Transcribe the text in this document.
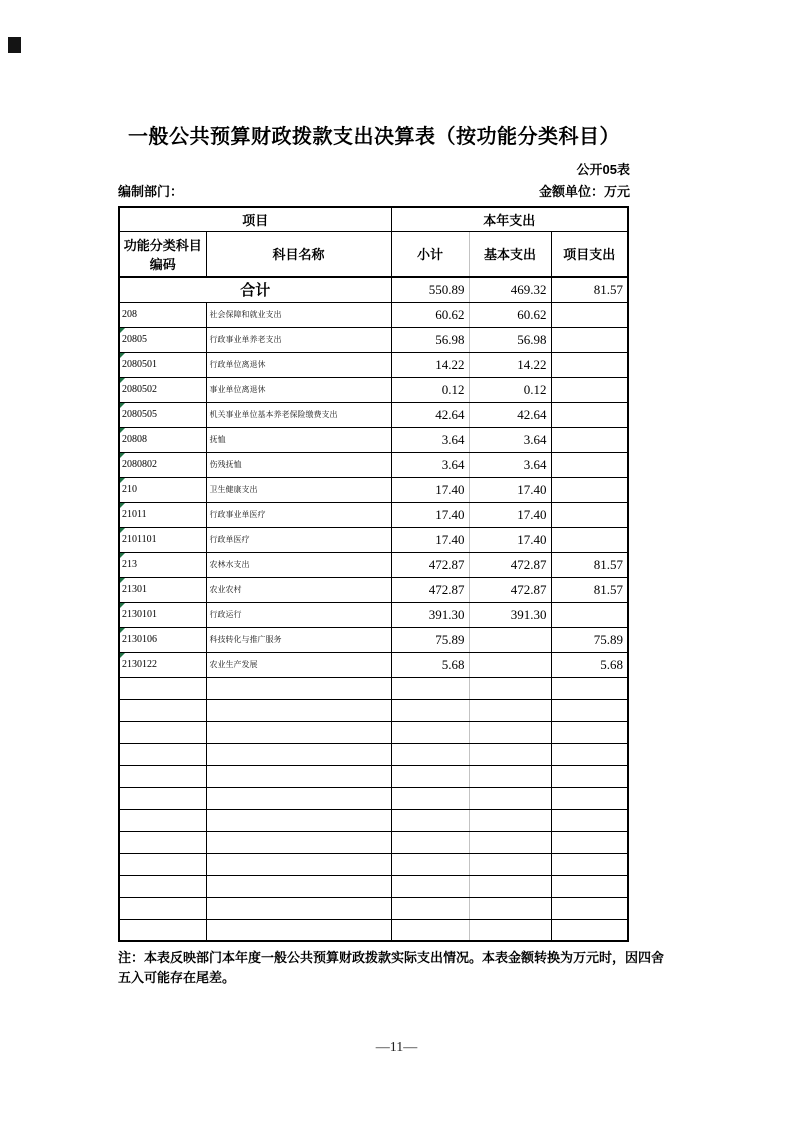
一般公共预算财政拨款支出决算表（按功能分类科目）
公开05表
编制部门：	金额单位：万元
项目		本年支出		
功能分类科目
编码	科目名称	小计	基本支出	项目支出
合计		550.89	469.32	81.57
208	社会保障和就业支出	60.62	60.62	

20805	行政事业单养老支出	56.98	56.98	

2080501	行政单位离退休	14.22	14.22	

2080502	事业单位离退休	0.12	0.12	

2080505	机关事业单位基本养老保险缴费支出	42.64	42.64	

20808	抚恤	3.64	3.64	

2080802	伤残抚恤	3.64	3.64	

210	卫生健康支出	17.40	17.40	

21011	行政事业单医疗	17.40	17.40	

2101101	行政单医疗	17.40	17.40	

213	农林水支出	472.87	472.87	81.57

21301	农业农村	472.87	472.87	81.57

2130101	行政运行	391.30	391.30	

2130106	科技转化与推广服务	75.89		75.89

2130122	农业生产发展	5.68		5.68

注：本表反映部门本年度一般公共预算财政拨款实际支出情况。本表金额转换为万元时，因四舍
五入可能存在尾差。

—11—
